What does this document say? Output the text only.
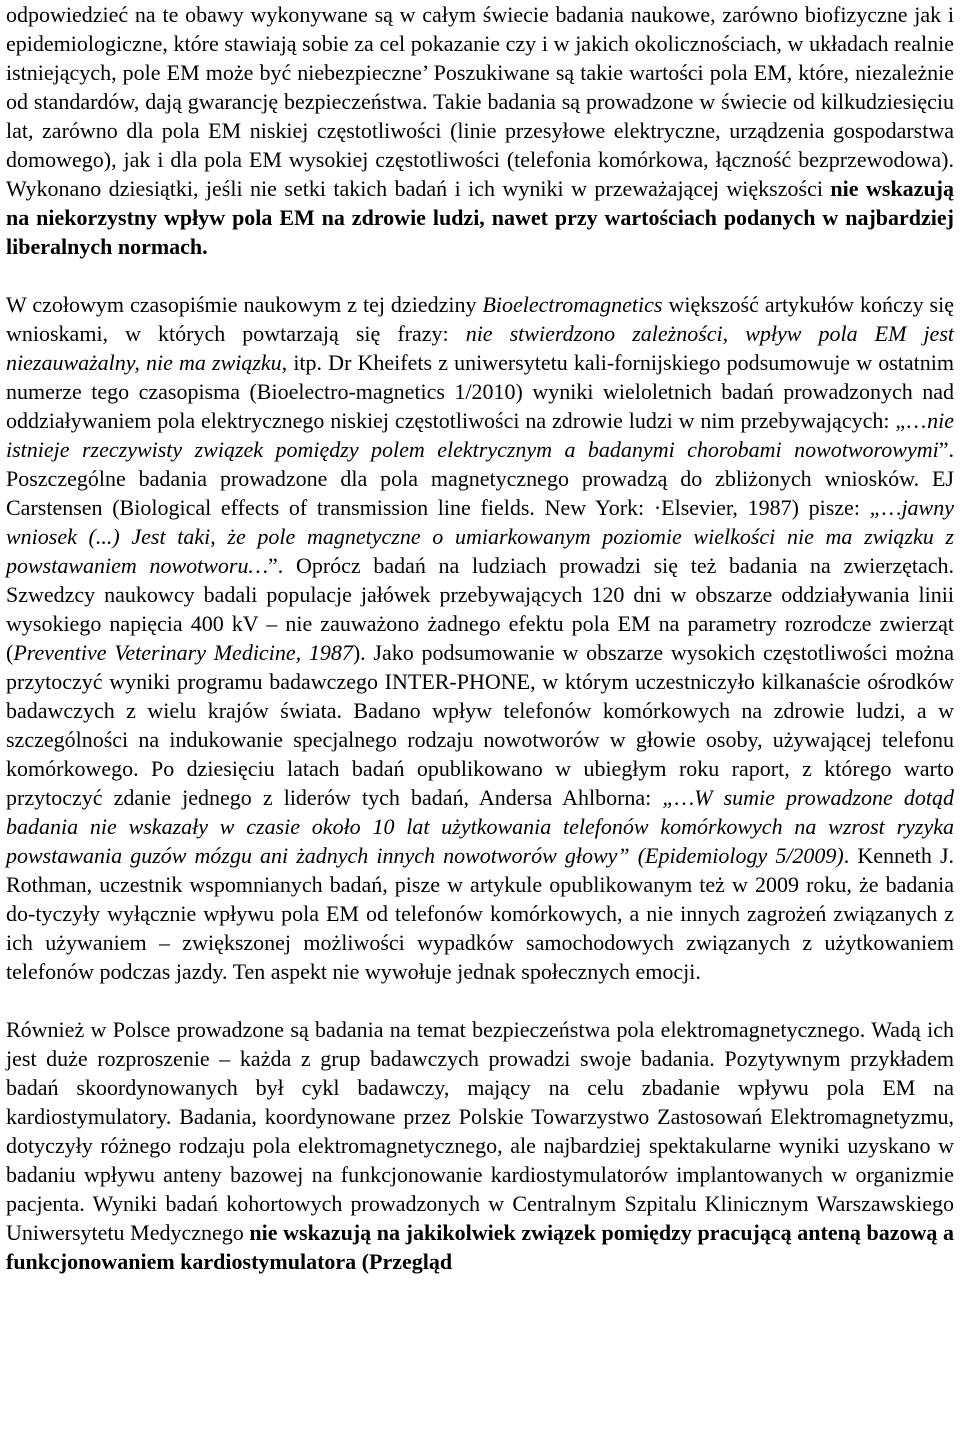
odpowiedzieć na te obawy wykonywane są w całym świecie badania naukowe, zarówno biofizyczne jak i epidemiologiczne, które stawiają sobie za cel pokazanie czy i w jakich okolicznościach, w układach realnie istniejących, pole EM może być niebezpieczne’ Poszukiwane są takie wartości pola EM, które, niezależnie od standardów, dają gwarancję bezpieczeństwa. Takie badania są prowadzone w świecie od kilkudziesięciu lat, zarówno dla pola EM niskiej częstotliwości (linie przesyłowe elektryczne, urządzenia gospodarstwa domowego), jak i dla pola EM wysokiej częstotliwości (telefonia komórkowa, łączność bezprzewodowa). Wykonano dziesiątki, jeśli nie setki takich badań i ich wyniki w przeważającej większości nie wskazują na niekorzystny wpływ pola EM na zdrowie ludzi, nawet przy wartościach podanych w najbardziej liberalnych normach.

W czołowym czasopiśmie naukowym z tej dziedziny Bioelectromagnetics większość artykułów kończy się wnioskami, w których powtarzają się frazy: nie stwierdzono zależności, wpływ pola EM jest niezauważalny, nie ma związku, itp. Dr Kheifets z uniwersytetu kali-fornijskiego podsumowuje w ostatnim numerze tego czasopisma (Bioelectro-magnetics 1/2010) wyniki wieloletnich badań prowadzonych nad oddziaływaniem pola elektrycznego niskiej częstotliwości na zdrowie ludzi w nim przebywających: „…nie istnieje rzeczywisty związek pomiędzy polem elektrycznym a badanymi chorobami nowotworowymi”. Poszczególne badania prowadzone dla pola magnetycznego prowadzą do zbliżonych wniosków. EJ Carstensen (Biological effects of transmission line fields. New York: ·Elsevier, 1987) pisze: „…jawny wniosek (...) Jest taki, że pole magnetyczne o umiarkowanym poziomie wielkości nie ma związku z powstawaniem nowotworu…”. Oprócz badań na ludziach prowadzi się też badania na zwierzętach. Szwedzcy naukowcy badali populacje jałówek przebywających 120 dni w obszarze oddziaływania linii wysokiego napięcia 400 kV – nie zauważono żadnego efektu pola EM na parametry rozrodcze zwierząt (Preventive Veterinary Medicine, 1987). Jako podsumowanie w obszarze wysokich częstotliwości można przytoczyć wyniki programu badawczego INTER-PHONE, w którym uczestniczyło kilkanaście ośrodków badawczych z wielu krajów świata. Badano wpływ telefonów komórkowych na zdrowie ludzi, a w szczególności na indukowanie specjalnego rodzaju nowotworów w głowie osoby, używającej telefonu komórkowego. Po dziesięciu latach badań opublikowano w ubiegłym roku raport, z którego warto przytoczyć zdanie jednego z liderów tych badań, Andersa Ahlborna: „…W sumie prowadzone dotąd badania nie wskazały w czasie około 10 lat użytkowania telefonów komórkowych na wzrost ryzyka powstawania guzów mózgu ani żadnych innych nowotworów głowy” (Epidemiology 5/2009). Kenneth J. Rothman, uczestnik wspomnianych badań, pisze w artykule opublikowanym też w 2009 roku, że badania do-tyczyły wyłącznie wpływu pola EM od telefonów komórkowych, a nie innych zagrożeń związanych z ich używaniem – zwiększonej możliwości wypadków samochodowych związanych z użytkowaniem telefonów podczas jazdy. Ten aspekt nie wywołuje jednak społecznych emocji.

Również w Polsce prowadzone są badania na temat bezpieczeństwa pola elektromagnetycznego. Wadą ich jest duże rozproszenie – każda z grup badawczych prowadzi swoje badania. Pozytywnym przykładem badań skoordynowanych był cykl badawczy, mający na celu zbadanie wpływu pola EM na kardiostymulatory. Badania, koordynowane przez Polskie Towarzystwo Zastosowań Elektromagnetyzmu, dotyczyły różnego rodzaju pola elektromagnetycznego, ale najbardziej spektakularne wyniki uzyskano w badaniu wpływu anteny bazowej na funkcjonowanie kardiostymulatorów implantowanych w organizmie pacjenta. Wyniki badań kohortowych prowadzonych w Centralnym Szpitalu Klinicznym Warszawskiego Uniwersytetu Medycznego nie wskazują na jakikolwiek związek pomiędzy pracującą anteną bazową a funkcjonowaniem kardiostymulatora (Przegląd
